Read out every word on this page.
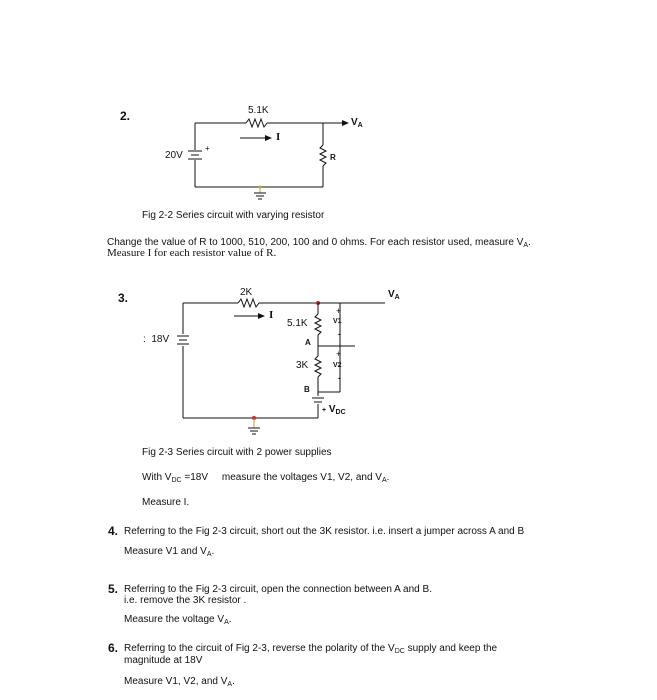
2.	5.1K
I
20V
+
R
$V_A$
Fig 2-2 Series circuit with varying resistor
Change the value of R to 1000, 510, 200, 100 and 0 ohms. For each resistor used, measure $V_A$.
Measure I for each resistor value of R.
3.	2K
I
5.1K
3K
: 18V	A
B
+
V1
-
+
V2
-
$V_A$
+ $V_{DC}$
Fig 2-3 Series circuit with 2 power supplies
With $V_{DC} =18V$     measure the voltages V1, V2, and $V_A$.
Measure I.
4. Referring to the Fig 2-3 circuit, short out the 3K resistor. i.e. insert a jumper across A and B
Measure V1 and $V_A$.
5. Referring to the Fig 2-3 circuit, open the connection between A and B.
i.e. remove the 3K resistor .
Measure the voltage $V_A$.
6. Referring to the circuit of Fig 2-3, reverse the polarity of the $V_{DC}$ supply and keep the
magnitude at 18V
Measure V1, V2, and $V_A$.
